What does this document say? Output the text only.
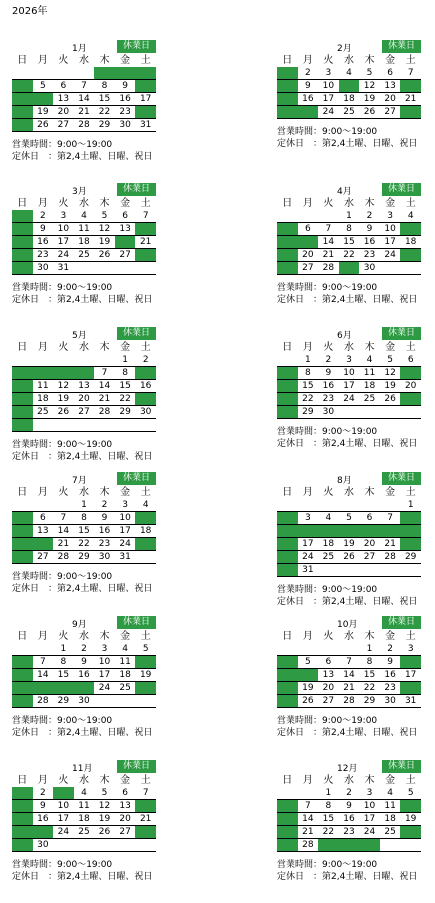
2026年
1月	休業日
日	月	火	水	木	金	土
				1	2	3
4	5	6	7	8	9	10
11	12	13	14	15	16	17
18	19	20	21	22	23	24
25	26	27	28	29	30	31
営業時間：9:00～19:00
定休日　：第2,4土曜、日曜、祝日
2月	休業日
日	月	火	水	木	金	土
1	2	3	4	5	6	7
8	9	10	11	12	13	14
15	16	17	18	19	20	21
22	23	24	25	26	27	28
営業時間：9:00～19:00
定休日　：第2,4土曜、日曜、祝日
3月	休業日
日	月	火	水	木	金	土
1	2	3	4	5	6	7
8	9	10	11	12	13	14
15	16	17	18	19	20	21
22	23	24	25	26	27	28
29	30	31				
営業時間：9:00～19:00
定休日　：第2,4土曜、日曜、祝日
4月	休業日
日	月	火	水	木	金	土
			1	2	3	4
5	6	7	8	9	10	11
12	13	14	15	16	17	18
19	20	21	22	23	24	25
26	27	28	29	30		
営業時間：9:00～19:00
定休日　：第2,4土曜、日曜、祝日
5月	休業日
日	月	火	水	木	金	土
					1	2
3	4	5	6	7	8	9
10	11	12	13	14	15	16
17	18	19	20	21	22	23
24	25	26	27	28	29	30
31						
営業時間：9:00～19:00
定休日　：第2,4土曜、日曜、祝日
6月	休業日
日	月	火	水	木	金	土
	1	2	3	4	5	6
7	8	9	10	11	12	13
14	15	16	17	18	19	20
21	22	23	24	25	26	27
28	29	30				
営業時間：9:00～19:00
定休日　：第2,4土曜、日曜、祝日
7月	休業日
日	月	火	水	木	金	土
			1	2	3	4
5	6	7	8	9	10	11
12	13	14	15	16	17	18
19	20	21	22	23	24	25
26	27	28	29	30	31	
営業時間：9:00～19:00
定休日　：第2,4土曜、日曜、祝日
8月	休業日
日	月	火	水	木	金	土
						1
2	3	4	5	6	7	8
9	10	11	12	13	14	15
16	17	18	19	20	21	22
23	24	25	26	27	28	29
30	31					
営業時間：9:00～19:00
定休日　：第2,4土曜、日曜、祝日
9月	休業日
日	月	火	水	木	金	土
		1	2	3	4	5
6	7	8	9	10	11	12
13	14	15	16	17	18	19
20	21	22	23	24	25	26
27	28	29	30			
営業時間：9:00～19:00
定休日　：第2,4土曜、日曜、祝日
10月	休業日
日	月	火	水	木	金	土
				1	2	3
4	5	6	7	8	9	10
11	12	13	14	15	16	17
18	19	20	21	22	23	24
25	26	27	28	29	30	31
営業時間：9:00～19:00
定休日　：第2,4土曜、日曜、祝日
11月	休業日
日	月	火	水	木	金	土
1	2	3	4	5	6	7
8	9	10	11	12	13	14
15	16	17	18	19	20	21
22	23	24	25	26	27	28
29	30					
営業時間：9:00～19:00
定休日　：第2,4土曜、日曜、祝日
12月	休業日
日	月	火	水	木	金	土
		1	2	3	4	5
6	7	8	9	10	11	12
13	14	15	16	17	18	19
20	21	22	23	24	25	26
27	28	29	30	31		
営業時間：9:00～19:00
定休日　：第2,4土曜、日曜、祝日
